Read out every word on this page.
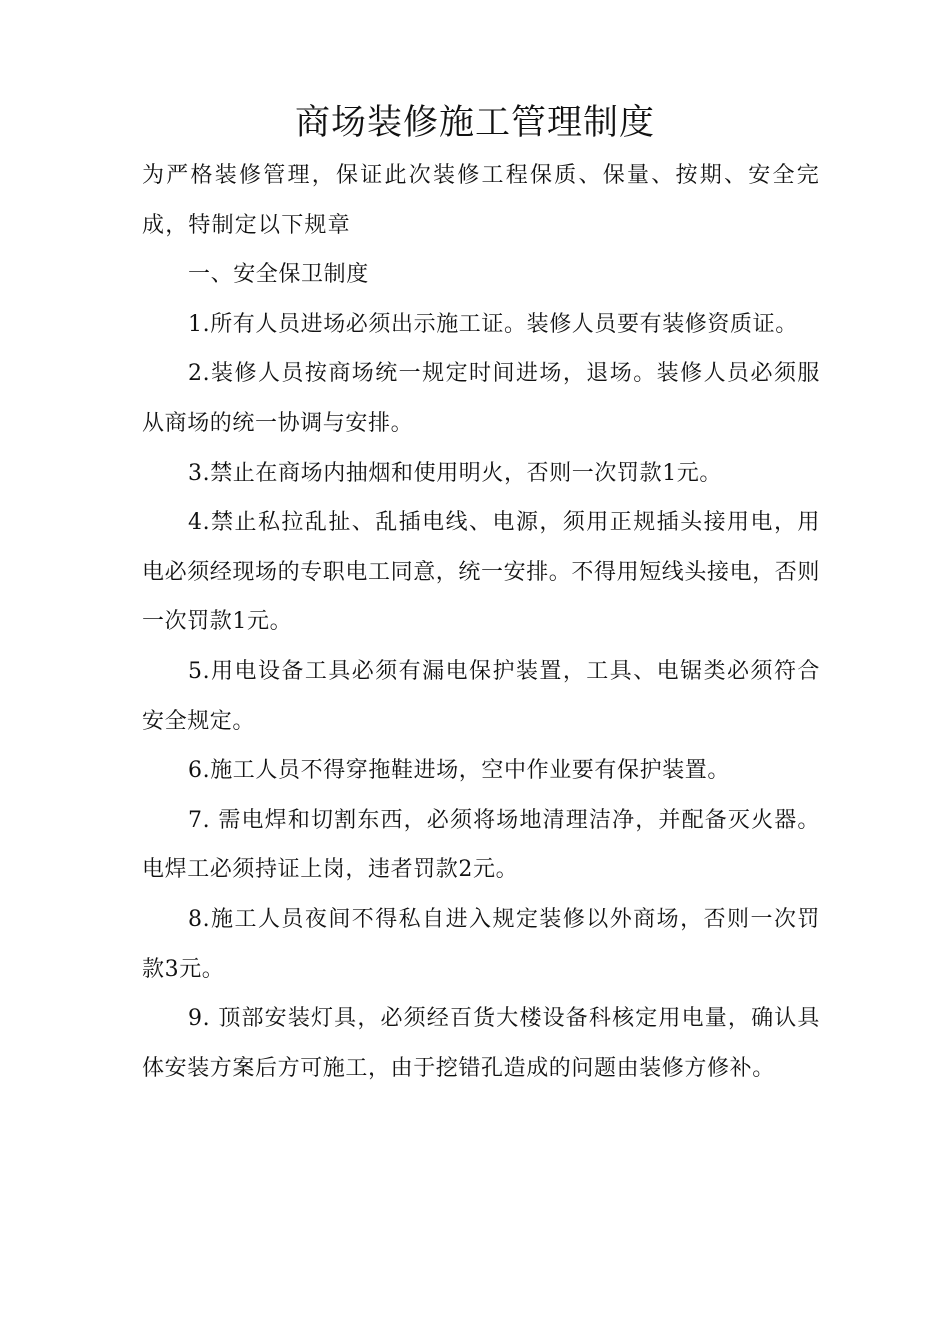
商场装修施工管理制度

为严格装修管理，保证此次装修工程保质、保量、按期、安全完成，特制定以下规章

一、安全保卫制度

1.所有人员进场必须出示施工证。装修人员要有装修资质证。

2.装修人员按商场统一规定时间进场，退场。装修人员必须服从商场的统一协调与安排。

3.禁止在商场内抽烟和使用明火，否则一次罚款1元。

4.禁止私拉乱扯、乱插电线、电源，须用正规插头接用电，用电必须经现场的专职电工同意，统一安排。不得用短线头接电，否则一次罚款1元。

5.用电设备工具必须有漏电保护装置，工具、电锯类必须符合安全规定。

6.施工人员不得穿拖鞋进场，空中作业要有保护装置。

7. 需电焊和切割东西，必须将场地清理洁净，并配备灭火器。电焊工必须持证上岗，违者罚款2元。

8.施工人员夜间不得私自进入规定装修以外商场，否则一次罚款3元。

9. 顶部安装灯具，必须经百货大楼设备科核定用电量，确认具体安装方案后方可施工，由于挖错孔造成的问题由装修方修补。
